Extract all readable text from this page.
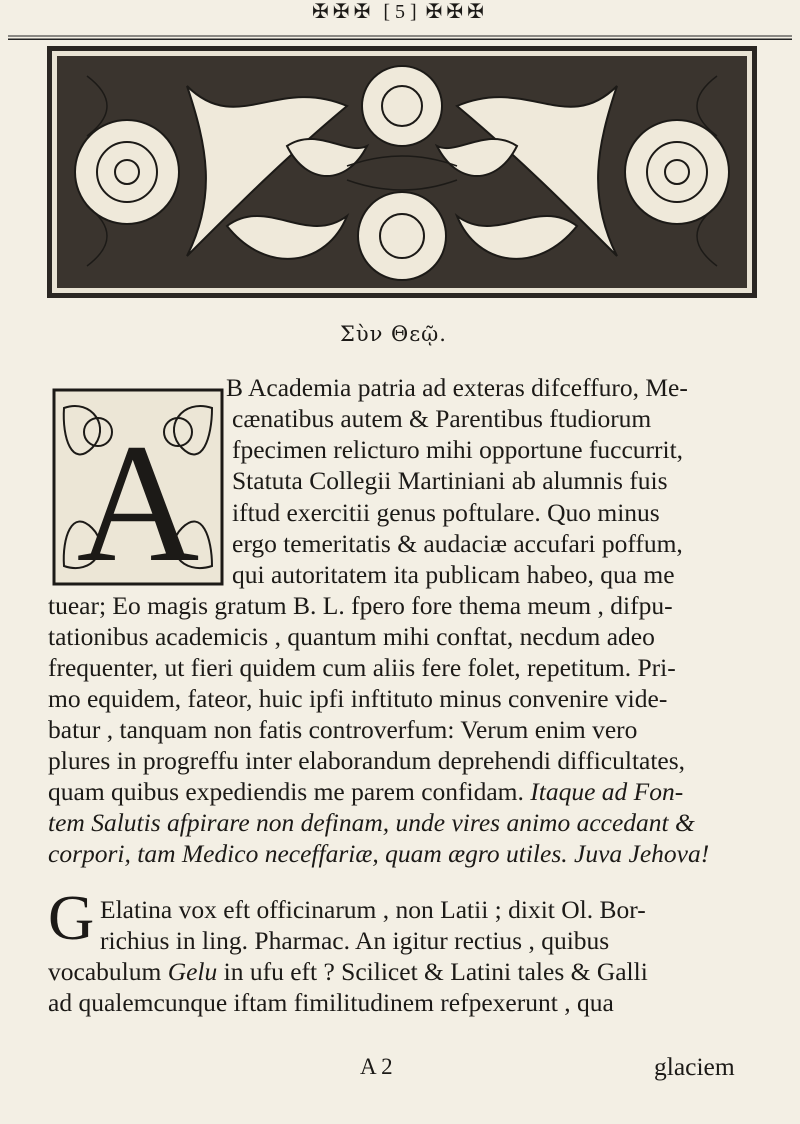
✠✠✠ [ 5 ] ✠✠✠
Σὺν Θεῷ.
A
B Academia patria ad exteras difceffuro, Me-
cænatibus autem & Parentibus ftudiorum
fpecimen relicturo mihi opportune fuccurrit,
Statuta Collegii Martiniani ab alumnis fuis
iftud exercitii genus poftulare. Quo minus
ergo temeritatis & audaciæ accufari poffum,
qui autoritatem ita publicam habeo, qua me
tuear; Eo magis gratum B. L. fpero fore thema meum , difpu-
tationibus academicis , quantum mihi conftat, necdum adeo
frequenter, ut fieri quidem cum aliis fere folet, repetitum. Pri-
mo equidem, fateor, huic ipfi inftituto minus convenire vide-
batur , tanquam non fatis controverfum: Verum enim vero
plures in progreffu inter elaborandum deprehendi difficultates,
quam quibus expediendis me parem confidam. Itaque ad Fon-
tem Salutis afpirare non definam, unde vires animo accedant &
corpori, tam Medico neceffariæ, quam ægro utiles. Juva Jehova!
G Elatina vox eft officinarum , non Latii ; dixit Ol. Bor-
richius in ling. Pharmac. An igitur rectius , quibus
vocabulum Gelu in ufu eft ? Scilicet & Latini tales & Galli
ad qualemcunque iftam fimilitudinem refpexerunt , qua
A 2	glaciem
